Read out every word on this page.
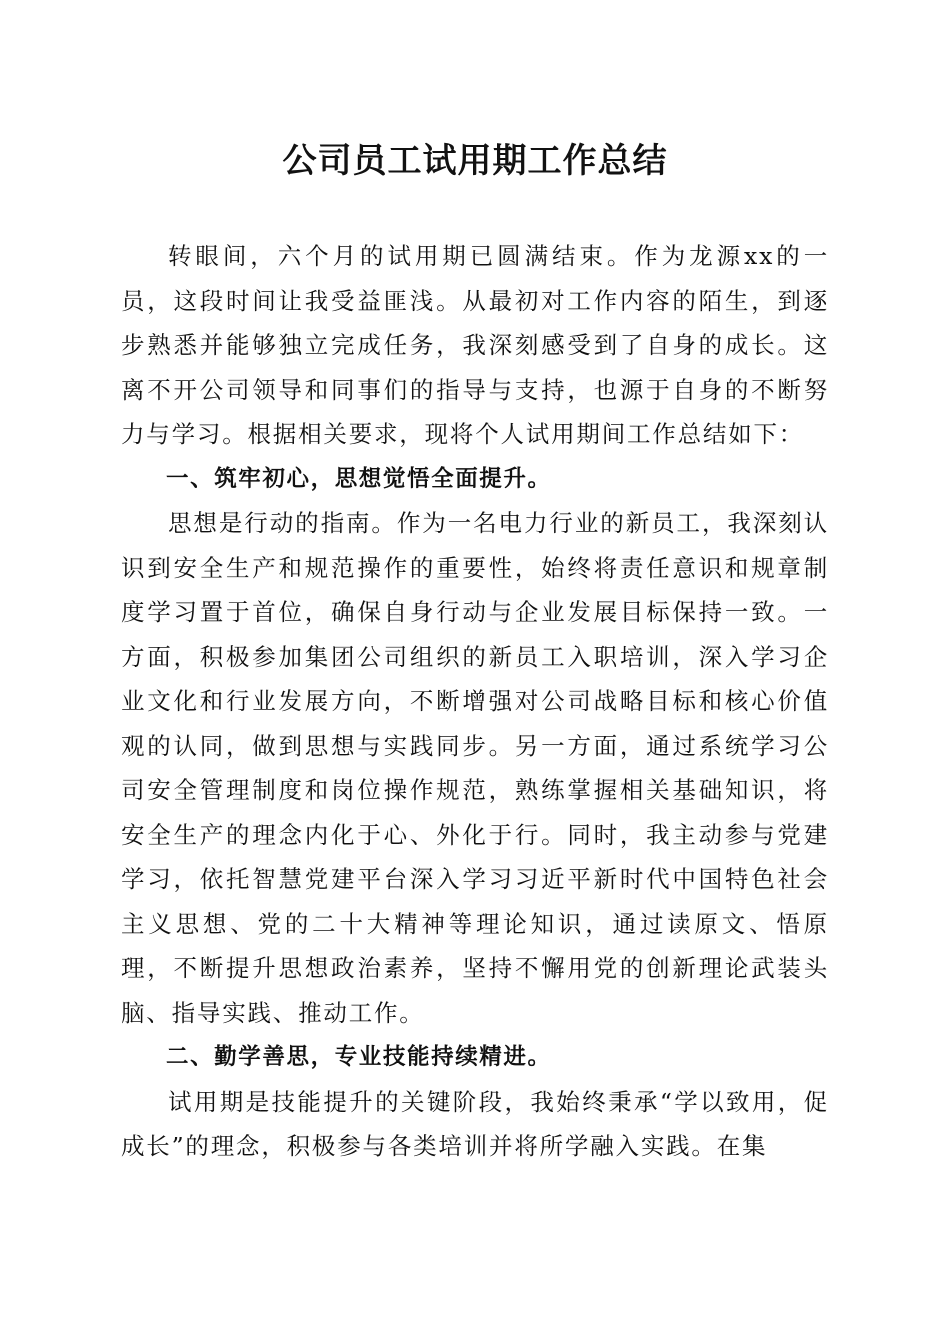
公司员工试用期工作总结

转眼间，六个月的试用期已圆满结束。作为龙源xx的一员，这段时间让我受益匪浅。从最初对工作内容的陌生，到逐步熟悉并能够独立完成任务，我深刻感受到了自身的成长。这离不开公司领导和同事们的指导与支持，也源于自身的不断努力与学习。根据相关要求，现将个人试用期间工作总结如下：

一、筑牢初心，思想觉悟全面提升。

思想是行动的指南。作为一名电力行业的新员工，我深刻认识到安全生产和规范操作的重要性，始终将责任意识和规章制度学习置于首位，确保自身行动与企业发展目标保持一致。一方面，积极参加集团公司组织的新员工入职培训，深入学习企业文化和行业发展方向，不断增强对公司战略目标和核心价值观的认同，做到思想与实践同步。另一方面，通过系统学习公司安全管理制度和岗位操作规范，熟练掌握相关基础知识，将安全生产的理念内化于心、外化于行。同时，我主动参与党建学习，依托智慧党建平台深入学习习近平新时代中国特色社会主义思想、党的二十大精神等理论知识，通过读原文、悟原理，不断提升思想政治素养，坚持不懈用党的创新理论武装头脑、指导实践、推动工作。

二、勤学善思，专业技能持续精进。

试用期是技能提升的关键阶段，我始终秉承“学以致用，促成长”的理念，积极参与各类培训并将所学融入实践。在集
